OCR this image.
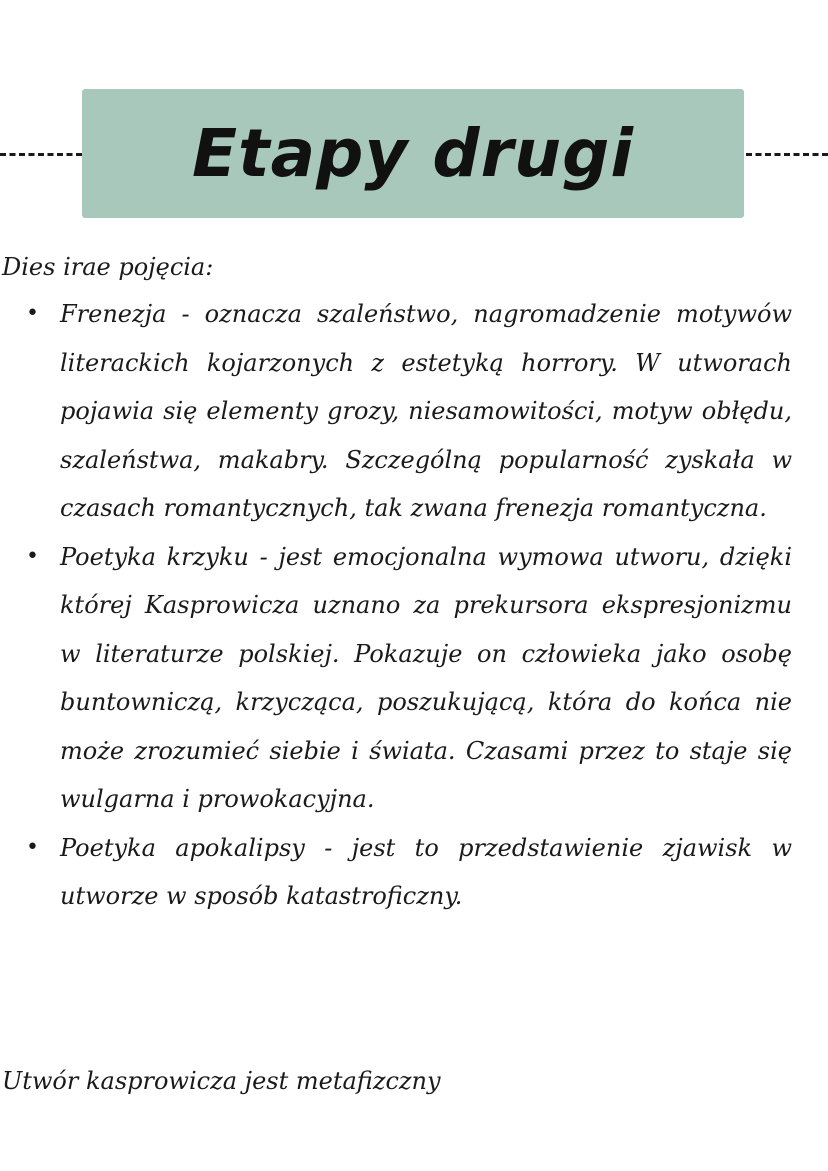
Etapy drugi

Dies irae pojęcia:

• Frenezja - oznacza szaleństwo, nagromadzenie motywów literackich kojarzonych z estetyką horrory. W utworach pojawia się elementy grozy, niesamowitości, motyw obłędu, szaleństwa, makabry. Szczególną popularność zyskała w czasach romantycznych, tak zwana frenezja romantyczna.
• Poetyka krzyku - jest emocjonalna wymowa utworu, dzięki której Kasprowicza uznano za prekursora ekspresjonizmu w literaturze polskiej. Pokazuje on człowieka jako osobę buntowniczą, krzycząca, poszukującą, która do końca nie może zrozumieć siebie i świata. Czasami przez to staje się wulgarna i prowokacyjna.
• Poetyka apokalipsy - jest to przedstawienie zjawisk w utworze w sposób katastroficzny.

Utwór kasprowicza jest metafizczny
